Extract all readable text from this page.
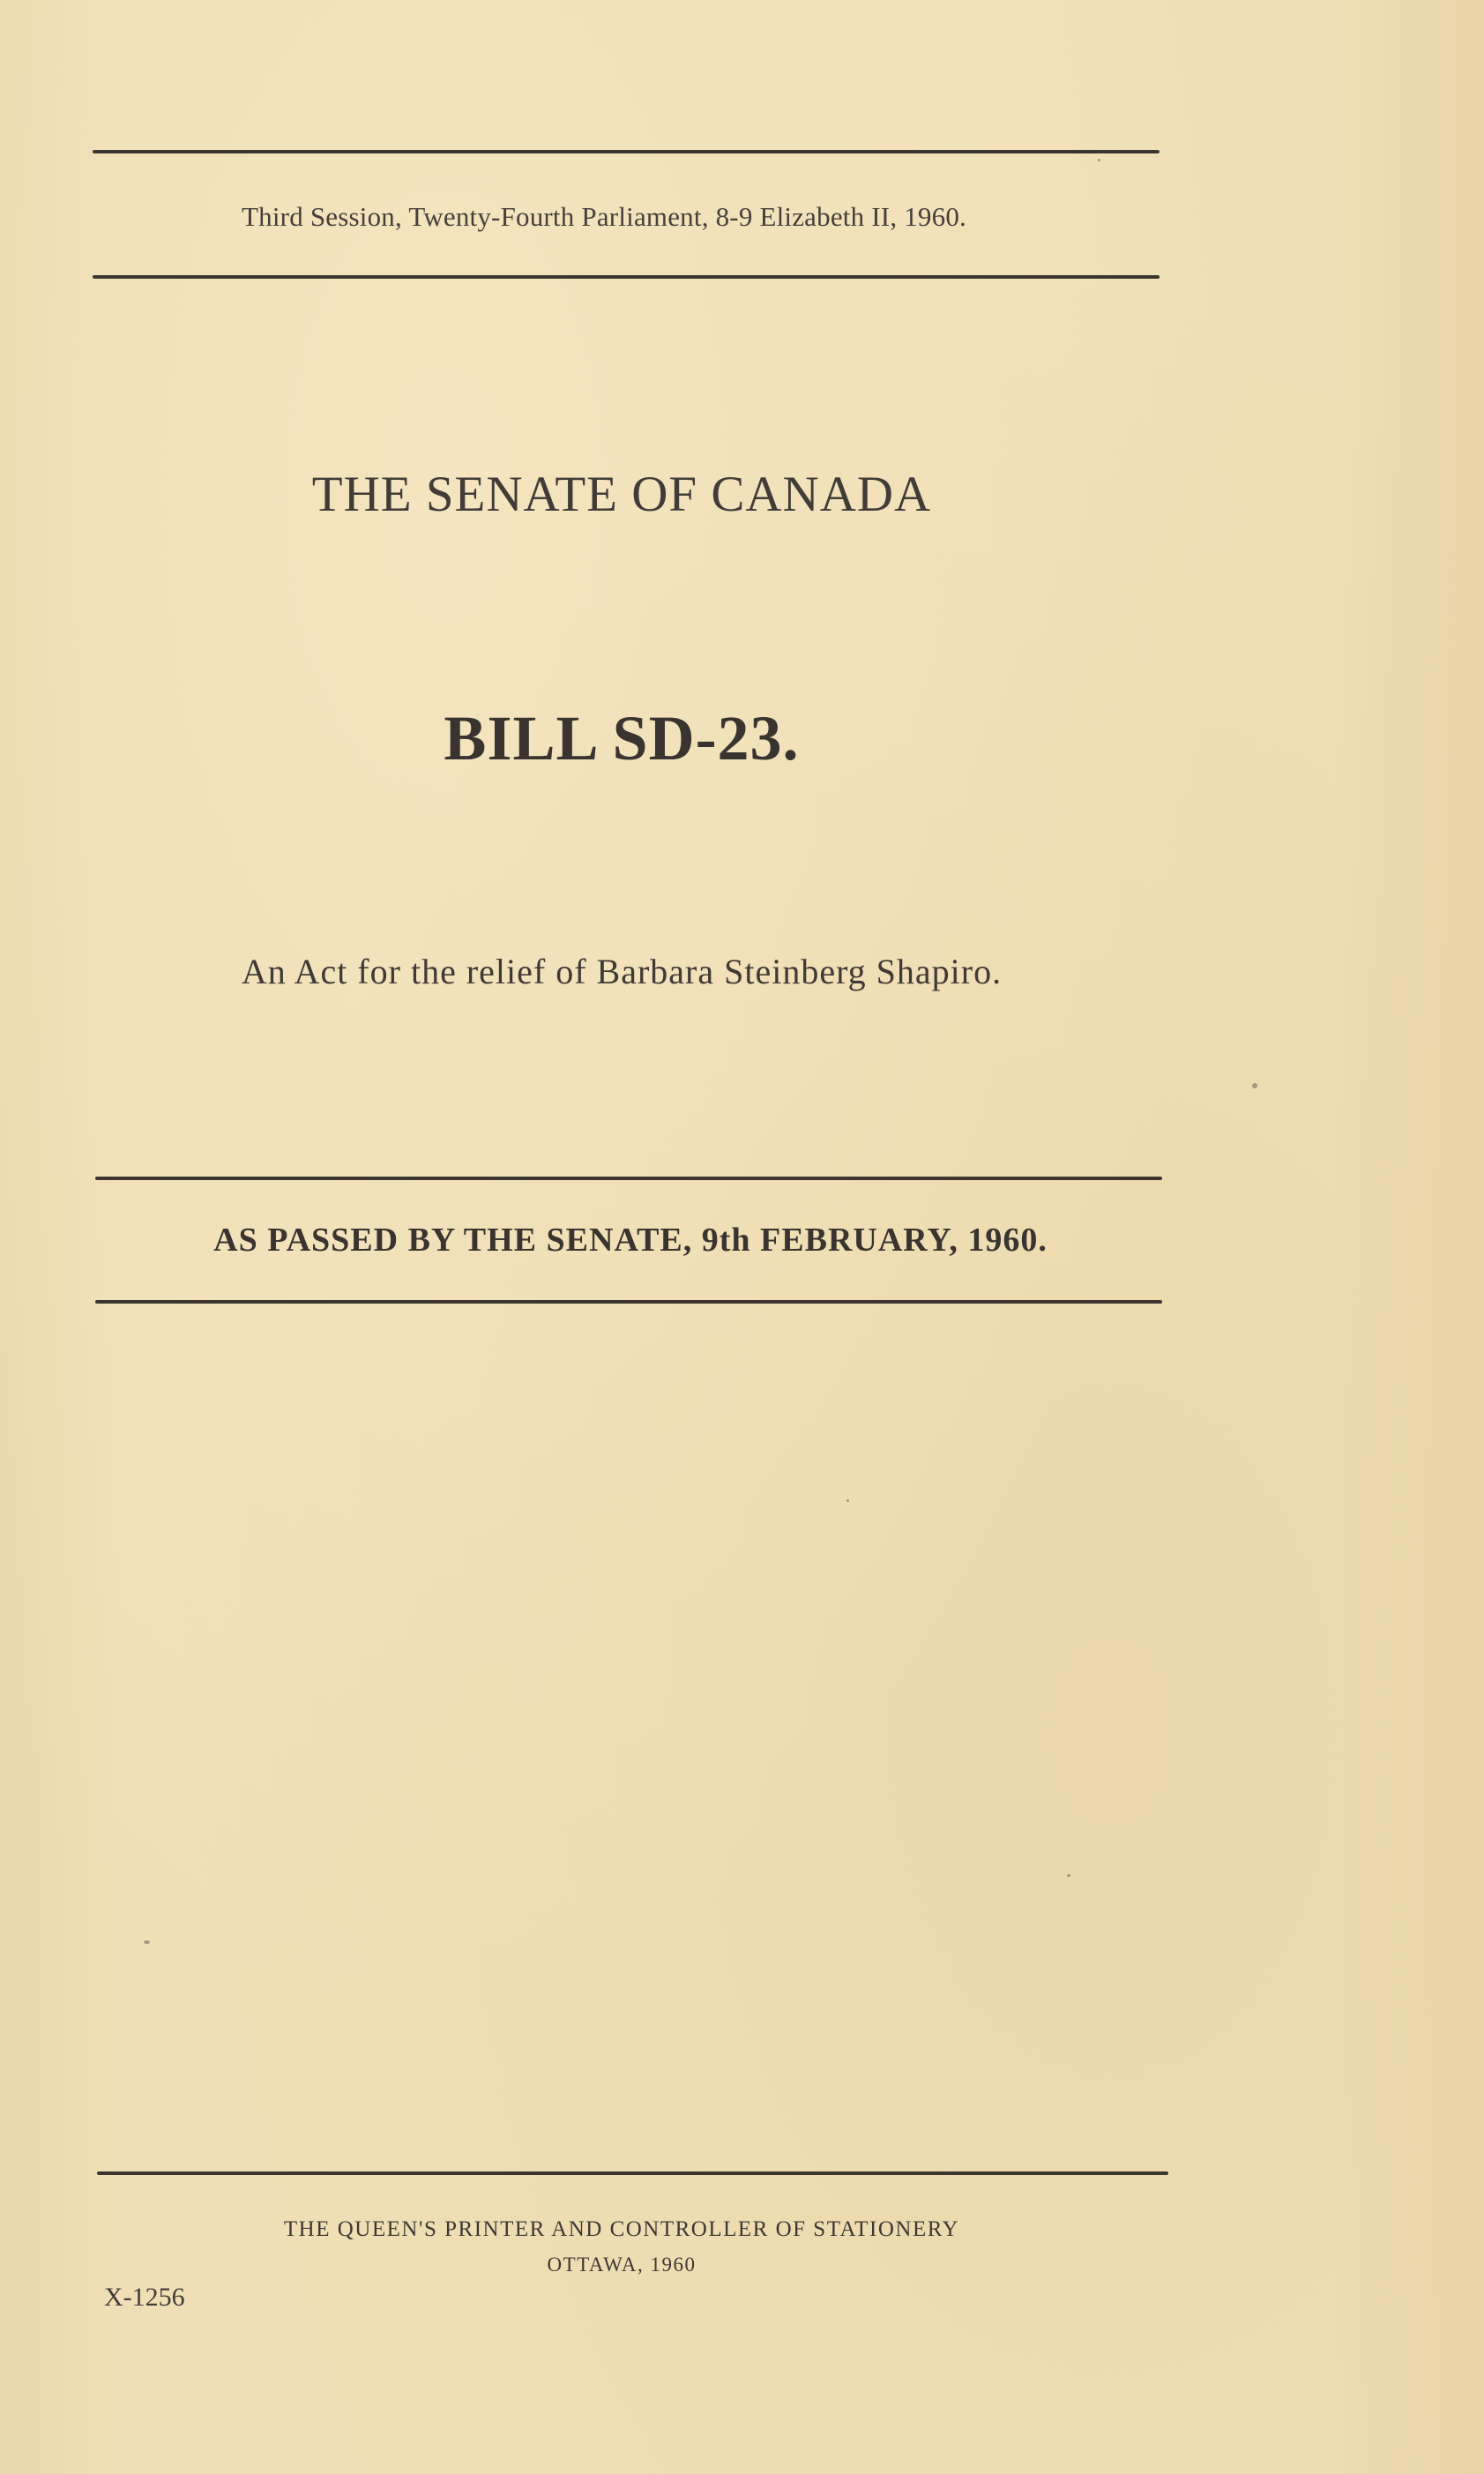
Third Session, Twenty-Fourth Parliament, 8-9 Elizabeth II, 1960.
THE SENATE OF CANADA
BILL SD-23.
An Act for the relief of Barbara Steinberg Shapiro.
AS PASSED BY THE SENATE, 9th FEBRUARY, 1960.
THE QUEEN'S PRINTER AND CONTROLLER OF STATIONERY
OTTAWA, 1960
X-1256
